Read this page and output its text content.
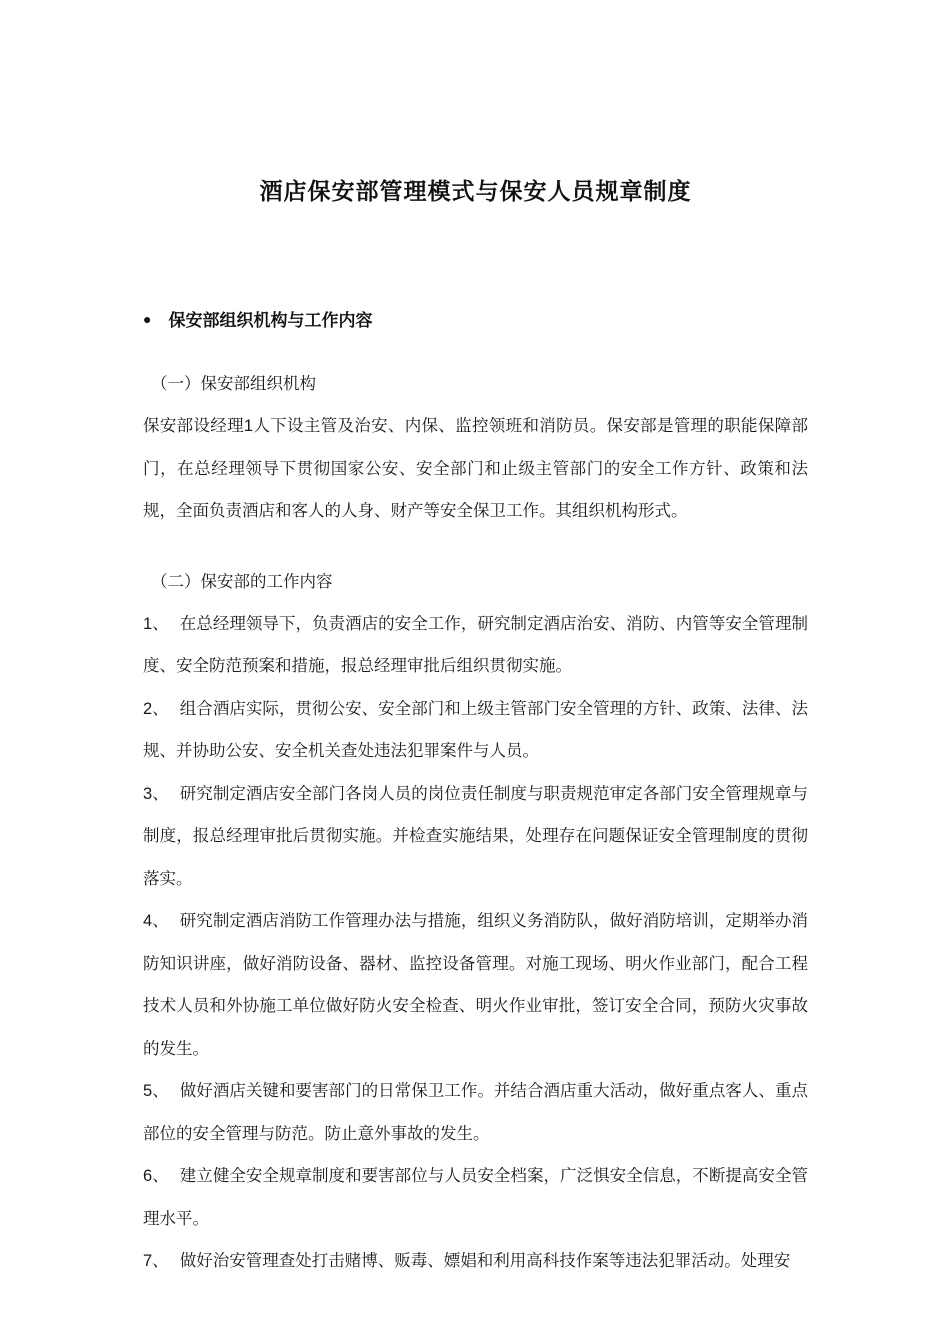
酒店保安部管理模式与保安人员规章制度
● 保安部组织机构与工作内容

（一）保安部组织机构

保安部设经理1人下设主管及治安、内保、监控领班和消防员。保安部是管理的职能保障部门，在总经理领导下贯彻国家公安、安全部门和止级主管部门的安全工作方针、政策和法规，全面负责酒店和客人的人身、财产等安全保卫工作。其组织机构形式。

（二）保安部的工作内容

1、 在总经理领导下，负责酒店的安全工作，研究制定酒店治安、消防、内管等安全管理制度、安全防范预案和措施，报总经理审批后组织贯彻实施。

2、 组合酒店实际，贯彻公安、安全部门和上级主管部门安全管理的方针、政策、法律、法规、并协助公安、安全机关查处违法犯罪案件与人员。

3、 研究制定酒店安全部门各岗人员的岗位责任制度与职责规范审定各部门安全管理规章与制度，报总经理审批后贯彻实施。并检查实施结果，处理存在问题保证安全管理制度的贯彻落实。

4、 研究制定酒店消防工作管理办法与措施，组织义务消防队，做好消防培训，定期举办消防知识讲座，做好消防设备、器材、监控设备管理。对施工现场、明火作业部门，配合工程技术人员和外协施工单位做好防火安全检查、明火作业审批，签订安全合同，预防火灾事故的发生。

5、 做好酒店关键和要害部门的日常保卫工作。并结合酒店重大活动，做好重点客人、重点部位的安全管理与防范。防止意外事故的发生。

6、 建立健全安全规章制度和要害部位与人员安全档案，广泛惧安全信息，不断提高安全管理水平。

7、 做好治安管理查处打击赌博、贩毒、嫖娼和利用高科技作案等违法犯罪活动。处理安
